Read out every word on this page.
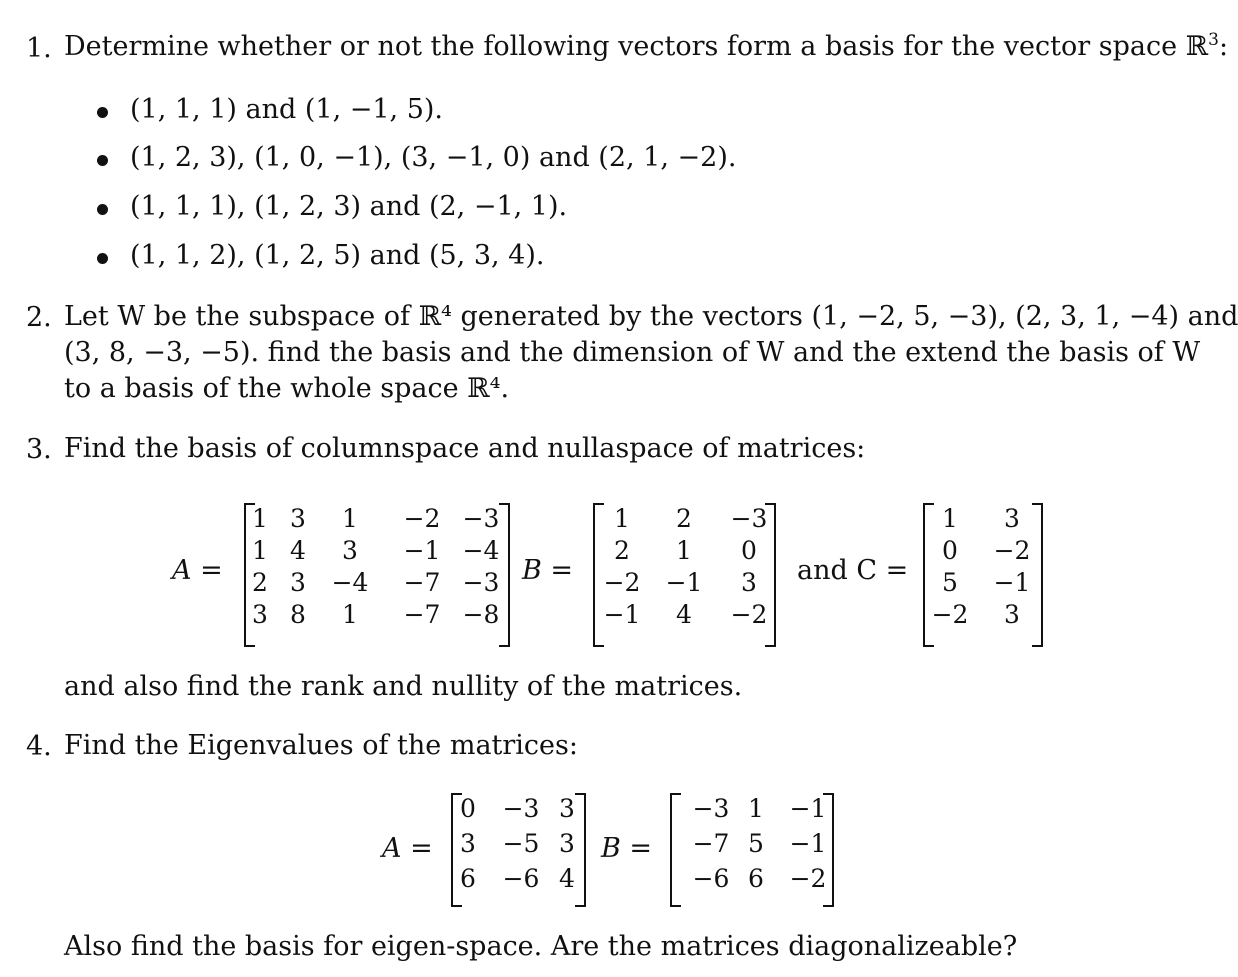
1. Determine whether or not the following vectors form a basis for the vector space ℝ$^3$:
(1, 1, 1) and (1, −1, 5).
(1, 2, 3), (1, 0, −1), (3, −1, 0) and (2, 1, −2).
(1, 1, 1), (1, 2, 3) and (2, −1, 1).
(1, 1, 2), (1, 2, 5) and (5, 3, 4).
2. Let W be the subspace of ℝ⁴ generated by the vectors (1, −2, 5, −3), (2, 3, 1, −4) and
(3, 8, −3, −5). find the basis and the dimension of W and the extend the basis of W
to a basis of the whole space ℝ⁴.
3. Find the basis of columnspace and nullaspace of matrices:
A =	B =	and C =
and also find the rank and nullity of the matrices.
4. Find the Eigenvalues of the matrices:
A =	B =
Also find the basis for eigen-space. Are the matrices diagonalizeable?
1 3	1	−2 −3
1 4	3	−1 −4
2 3	−4	−7 −3
3 8	1	−7 −8
1	2	−3
2	1	0
−2	−1	3
−1	4	−2
1	3
0	−2
5	−1
−2	3
0	−3 3
3	−5 3
6	−6 4
−3 1	−1
−7 5	−1
−6 6	−2
